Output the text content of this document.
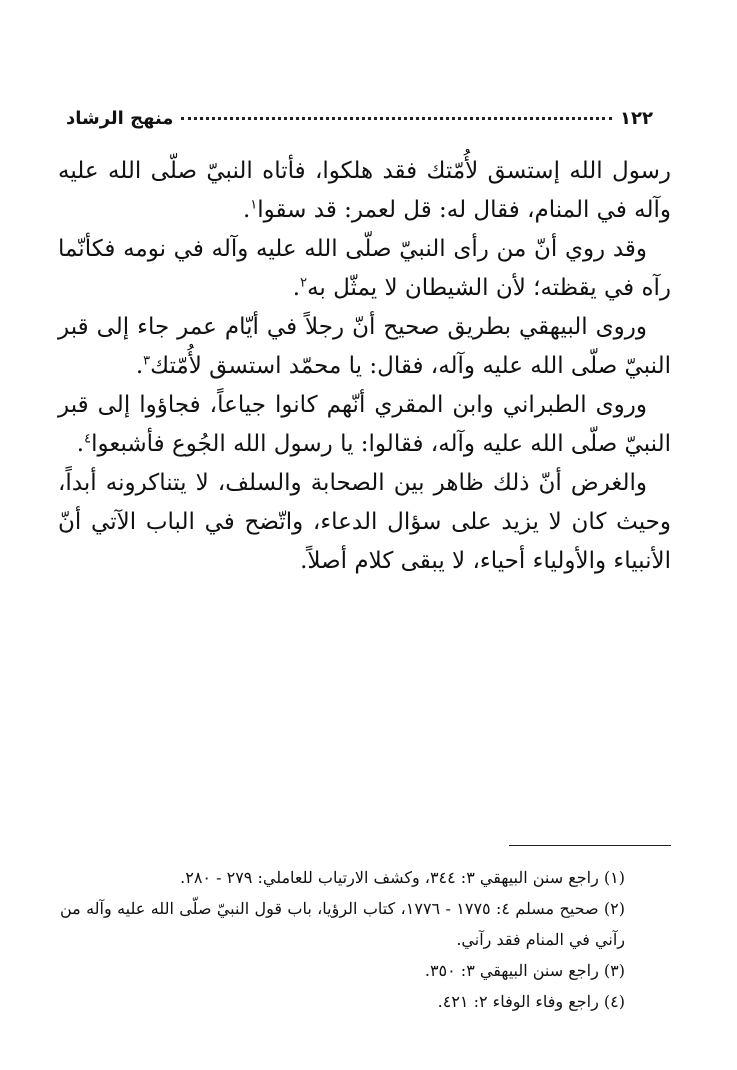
١٢٢
منهج الرشاد

رسول الله إستسق لأُمّتك فقد هلكوا، فأتاه النبيّ صلّى الله عليه وآله في المنام، فقال له: قل لعمر: قد سقوا$^١$.

وقد روي أنّ من رأى النبيّ صلّى الله عليه وآله في نومه فكأنّما رآه في يقظته؛ لأن الشيطان لا يمثّل به$^٢$.

وروى البيهقي بطريق صحيح أنّ رجلاً في أيّام عمر جاء إلى قبر النبيّ صلّى الله عليه وآله، فقال: يا محمّد استسق لأُمّتك$^٣$.

وروى الطبراني وابن المقري أنّهم كانوا جياعاً، فجاؤوا إلى قبر النبيّ صلّى الله عليه وآله، فقالوا: يا رسول الله الجُوع فأشبعوا$^٤$.

والغرض أنّ ذلك ظاهر بين الصحابة والسلف، لا يتناكرونه أبداً، وحيث كان لا يزيد على سؤال الدعاء، واتّضح في الباب الآتي أنّ الأنبياء والأولياء أحياء، لا يبقى كلام أصلاً.

(١) راجع سنن البيهقي ٣: ٣٤٤، وكشف الارتياب للعاملي: ٢٧٩ - ٢٨٠.

(٢) صحيح مسلم ٤: ١٧٧٥ - ١٧٧٦، كتاب الرؤيا، باب قول النبيّ صلّى الله عليه وآله من رآني في المنام فقد رآني.

(٣) راجع سنن البيهقي ٣: ٣٥٠.

(٤) راجع وفاء الوفاء ٢: ٤٢١.
